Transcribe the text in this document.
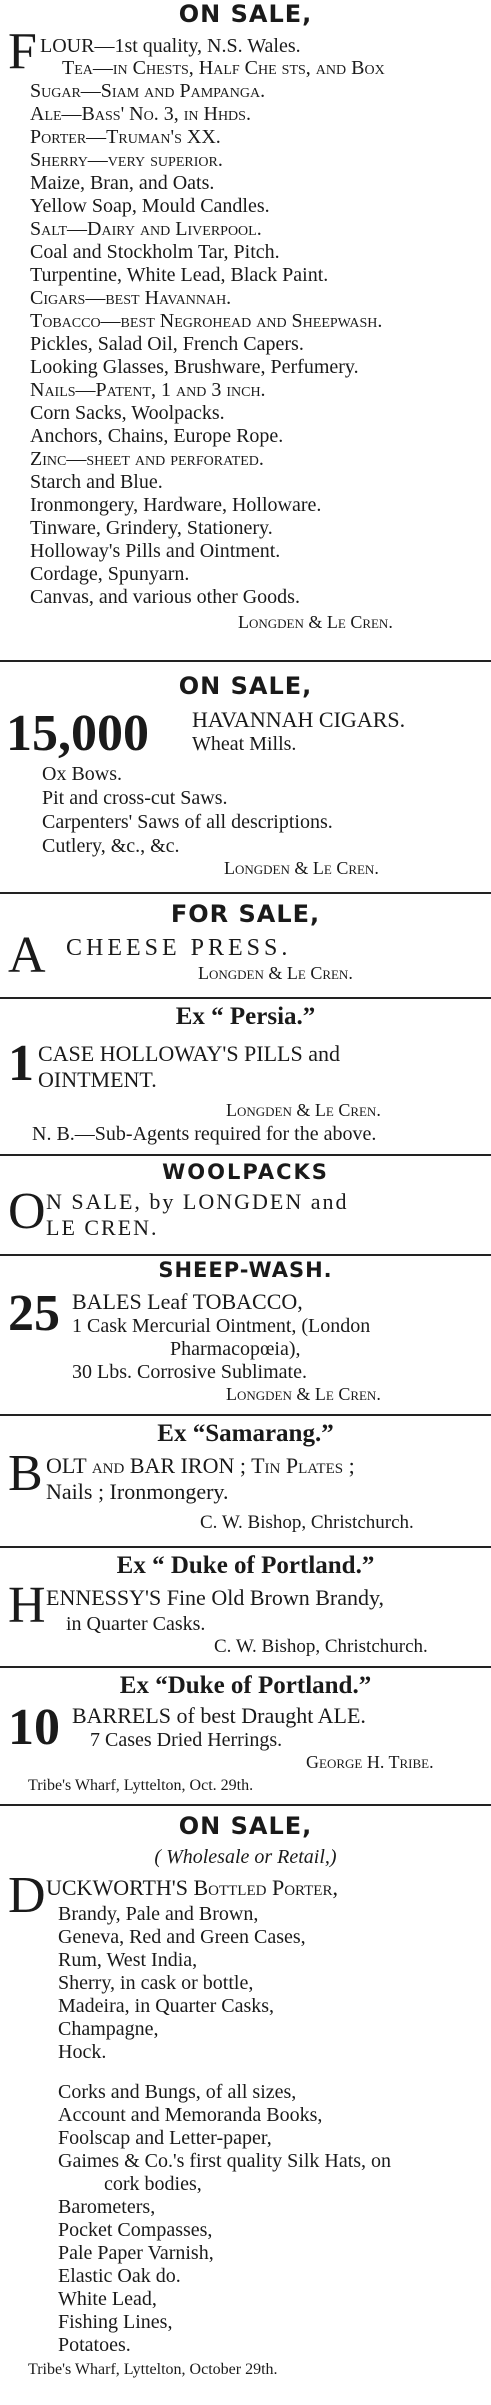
ON SALE,
F LOUR—1st quality, N.S. Wales.
Tea—in Chests, Half Che sts, and Box
Sugar—Siam and Pampanga.
Ale—Bass' No. 3, in Hhds.
Porter—Truman's XX.
Sherry—very superior.
Maize, Bran, and Oats.
Yellow Soap, Mould Candles.
Salt—Dairy and Liverpool.
Coal and Stockholm Tar, Pitch.
Turpentine, White Lead, Black Paint.
Cigars—best Havannah.
Tobacco—best Negrohead and Sheepwash.
Pickles, Salad Oil, French Capers.
Looking Glasses, Brushware, Perfumery.
Nails—Patent, 1 and 3 inch.
Corn Sacks, Woolpacks.
Anchors, Chains, Europe Rope.
Zinc—sheet and perforated.
Starch and Blue.
Ironmongery, Hardware, Holloware.
Tinware, Grindery, Stationery.
Holloway's Pills and Ointment.
Cordage, Spunyarn.
Canvas, and various other Goods.
Longden & Le Cren.
ON SALE,
15,000 HAVANNAH CIGARS.
Wheat Mills.
Ox Bows.
Pit and cross-cut Saws.
Carpenters' Saws of all descriptions.
Cutlery, &c., &c.
Longden & Le Cren.
FOR SALE,
A CHEESE PRESS.
Longden & Le Cren.
Ex “ Persia.”
1 CASE HOLLOWAY'S PILLS and
OINTMENT.
Longden & Le Cren.
N. B.—Sub-Agents required for the above.
WOOLPACKS
O N SALE, by LONGDEN and
LE CREN.
SHEEP-WASH.
25 BALES Leaf TOBACCO,
1 Cask Mercurial Ointment, (London
Pharmacopœia),
30 Lbs. Corrosive Sublimate.
Longden & Le Cren.
Ex “Samarang.”
B OLT and BAR IRON ; Tin Plates ;
Nails ; Ironmongery.
C. W. Bishop, Christchurch.
Ex “ Duke of Portland.”
H ENNESSY'S Fine Old Brown Brandy,
in Quarter Casks.
C. W. Bishop, Christchurch.
Ex “Duke of Portland.”
10 BARRELS of best Draught ALE.
7 Cases Dried Herrings.
George H. Tribe.
Tribe's Wharf, Lyttelton, Oct. 29th.
ON SALE,
( Wholesale or Retail,)
D UCKWORTH'S Bottled Porter,
Brandy, Pale and Brown,
Geneva, Red and Green Cases,
Rum, West India,
Sherry, in cask or bottle,
Madeira, in Quarter Casks,
Champagne,
Hock.
Corks and Bungs, of all sizes,
Account and Memoranda Books,
Foolscap and Letter-paper,
Gaimes & Co.'s first quality Silk Hats, on
cork bodies,
Barometers,
Pocket Compasses,
Pale Paper Varnish,
Elastic Oak do.
White Lead,
Fishing Lines,
Potatoes.
Tribe's Wharf, Lyttelton, October 29th.
